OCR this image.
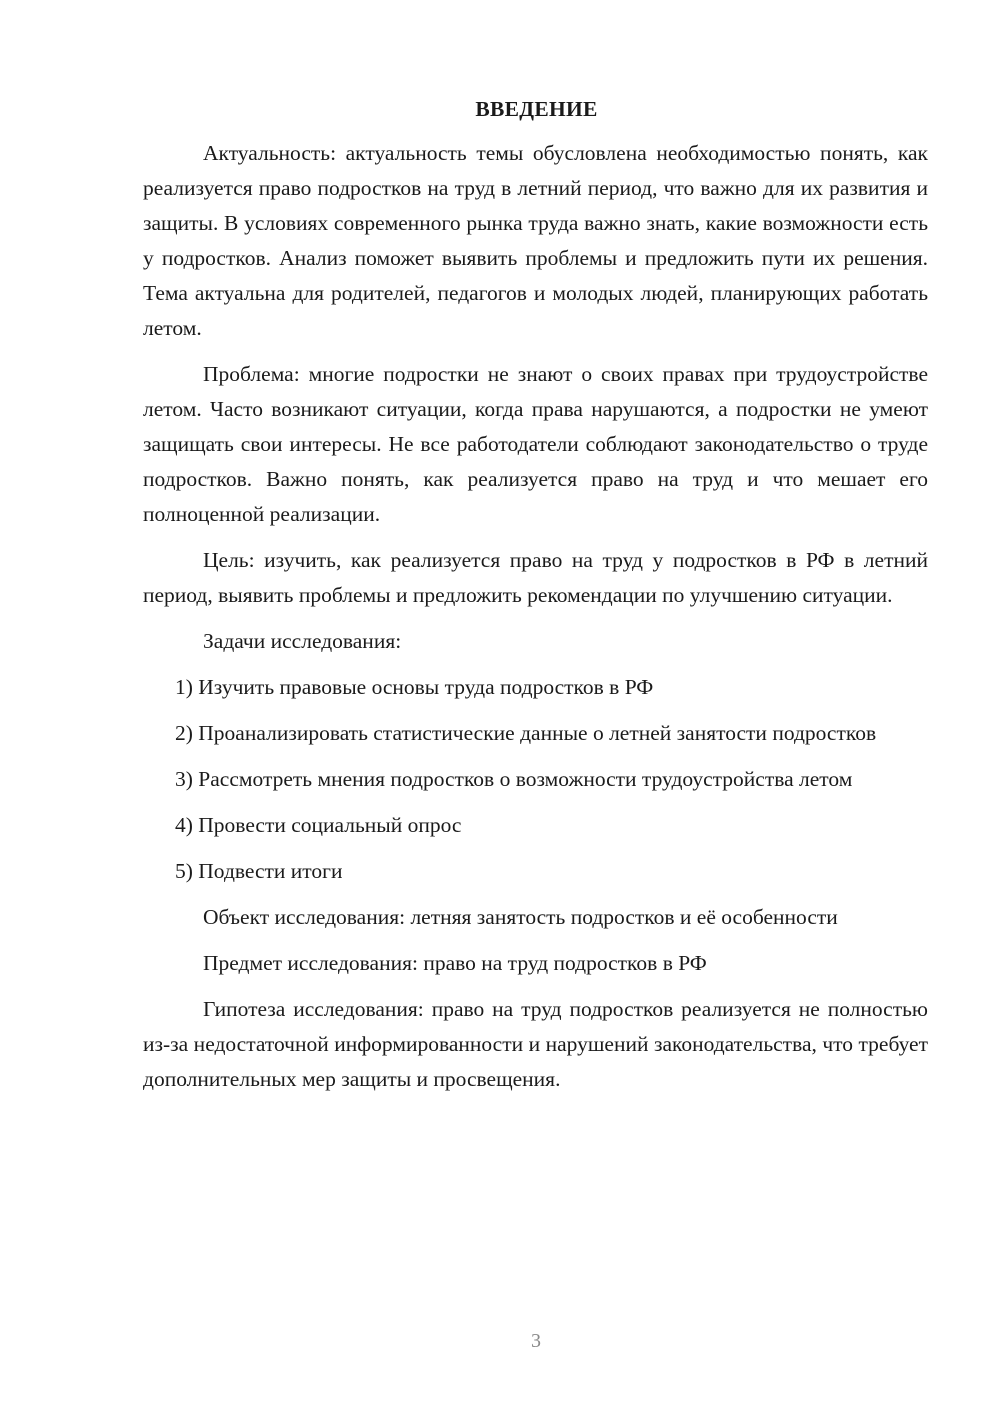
ВВЕДЕНИЕ

Актуальность: актуальность темы обусловлена необходимостью понять, как реализуется право подростков на труд в летний период, что важно для их развития и защиты. В условиях современного рынка труда важно знать, какие возможности есть у подростков. Анализ поможет выявить проблемы и предложить пути их решения. Тема актуальна для родителей, педагогов и молодых людей, планирующих работать летом.

Проблема: многие подростки не знают о своих правах при трудоустройстве летом. Часто возникают ситуации, когда права нарушаются, а подростки не умеют защищать свои интересы. Не все работодатели соблюдают законодательство о труде подростков. Важно понять, как реализуется право на труд и что мешает его полноценной реализации.

Цель: изучить, как реализуется право на труд у подростков в РФ в летний период, выявить проблемы и предложить рекомендации по улучшению ситуации.

Задачи исследования:

1) Изучить правовые основы труда подростков в РФ

2) Проанализировать статистические данные о летней занятости подростков

3) Рассмотреть мнения подростков о возможности трудоустройства летом

4) Провести социальный опрос

5) Подвести итоги

Объект исследования: летняя занятость подростков и её особенности

Предмет исследования: право на труд подростков в РФ

Гипотеза исследования: право на труд подростков реализуется не полностью из-за недостаточной информированности и нарушений законодательства, что требует дополнительных мер защиты и просвещения.

3
